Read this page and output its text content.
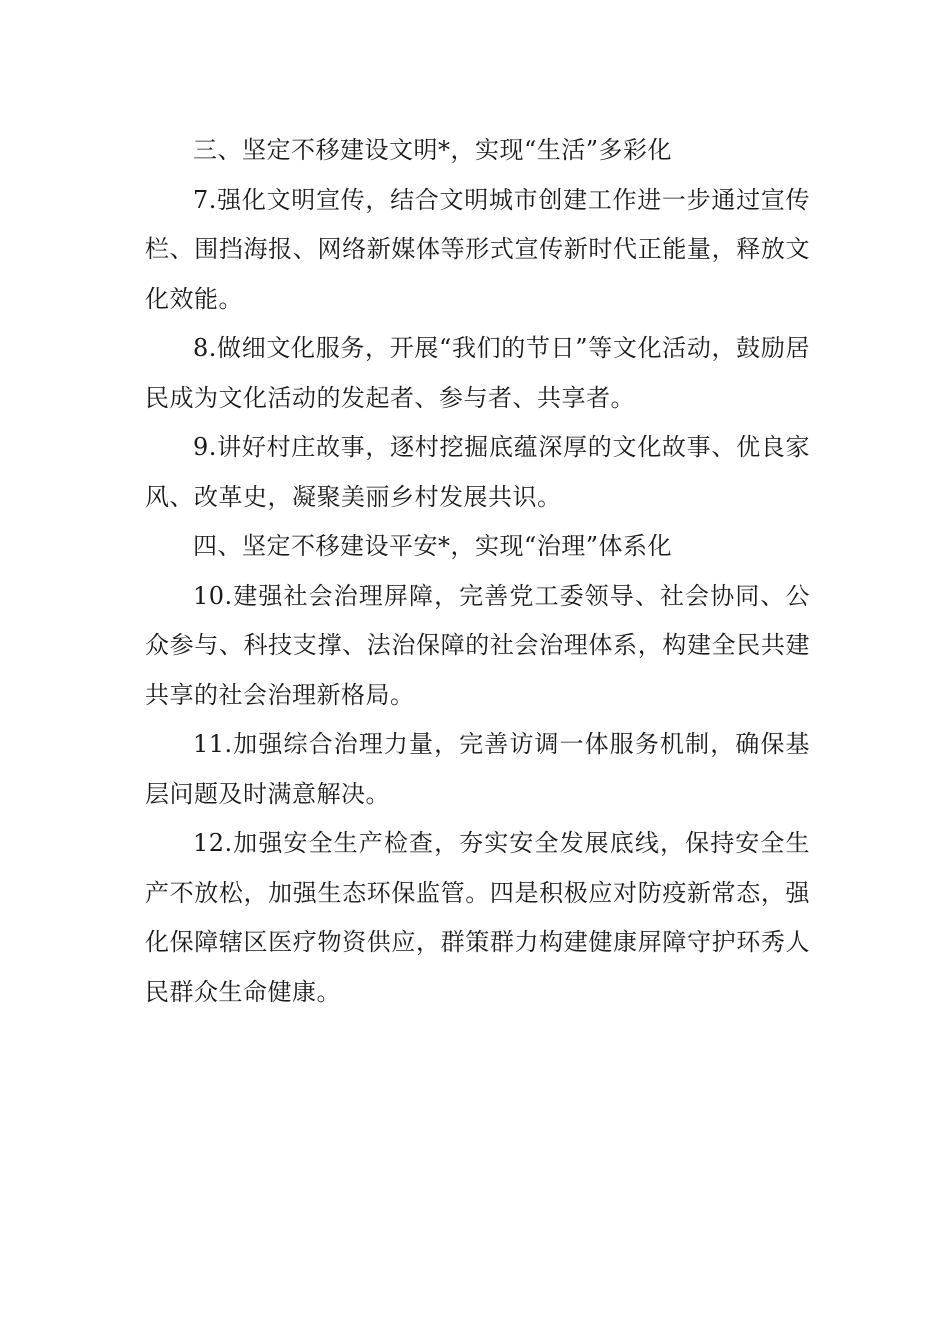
三、坚定不移建设文明*，实现“生活”多彩化

7.强化文明宣传，结合文明城市创建工作进一步通过宣传栏、围挡海报、网络新媒体等形式宣传新时代正能量，释放文化效能。

8.做细文化服务，开展“我们的节日”等文化活动，鼓励居民成为文化活动的发起者、参与者、共享者。

9.讲好村庄故事，逐村挖掘底蕴深厚的文化故事、优良家风、改革史，凝聚美丽乡村发展共识。

四、坚定不移建设平安*，实现“治理”体系化

10.建强社会治理屏障，完善党工委领导、社会协同、公众参与、科技支撑、法治保障的社会治理体系，构建全民共建共享的社会治理新格局。

11.加强综合治理力量，完善访调一体服务机制，确保基层问题及时满意解决。

12.加强安全生产检查，夯实安全发展底线，保持安全生产不放松，加强生态环保监管。四是积极应对防疫新常态，强化保障辖区医疗物资供应，群策群力构建健康屏障守护环秀人民群众生命健康。
